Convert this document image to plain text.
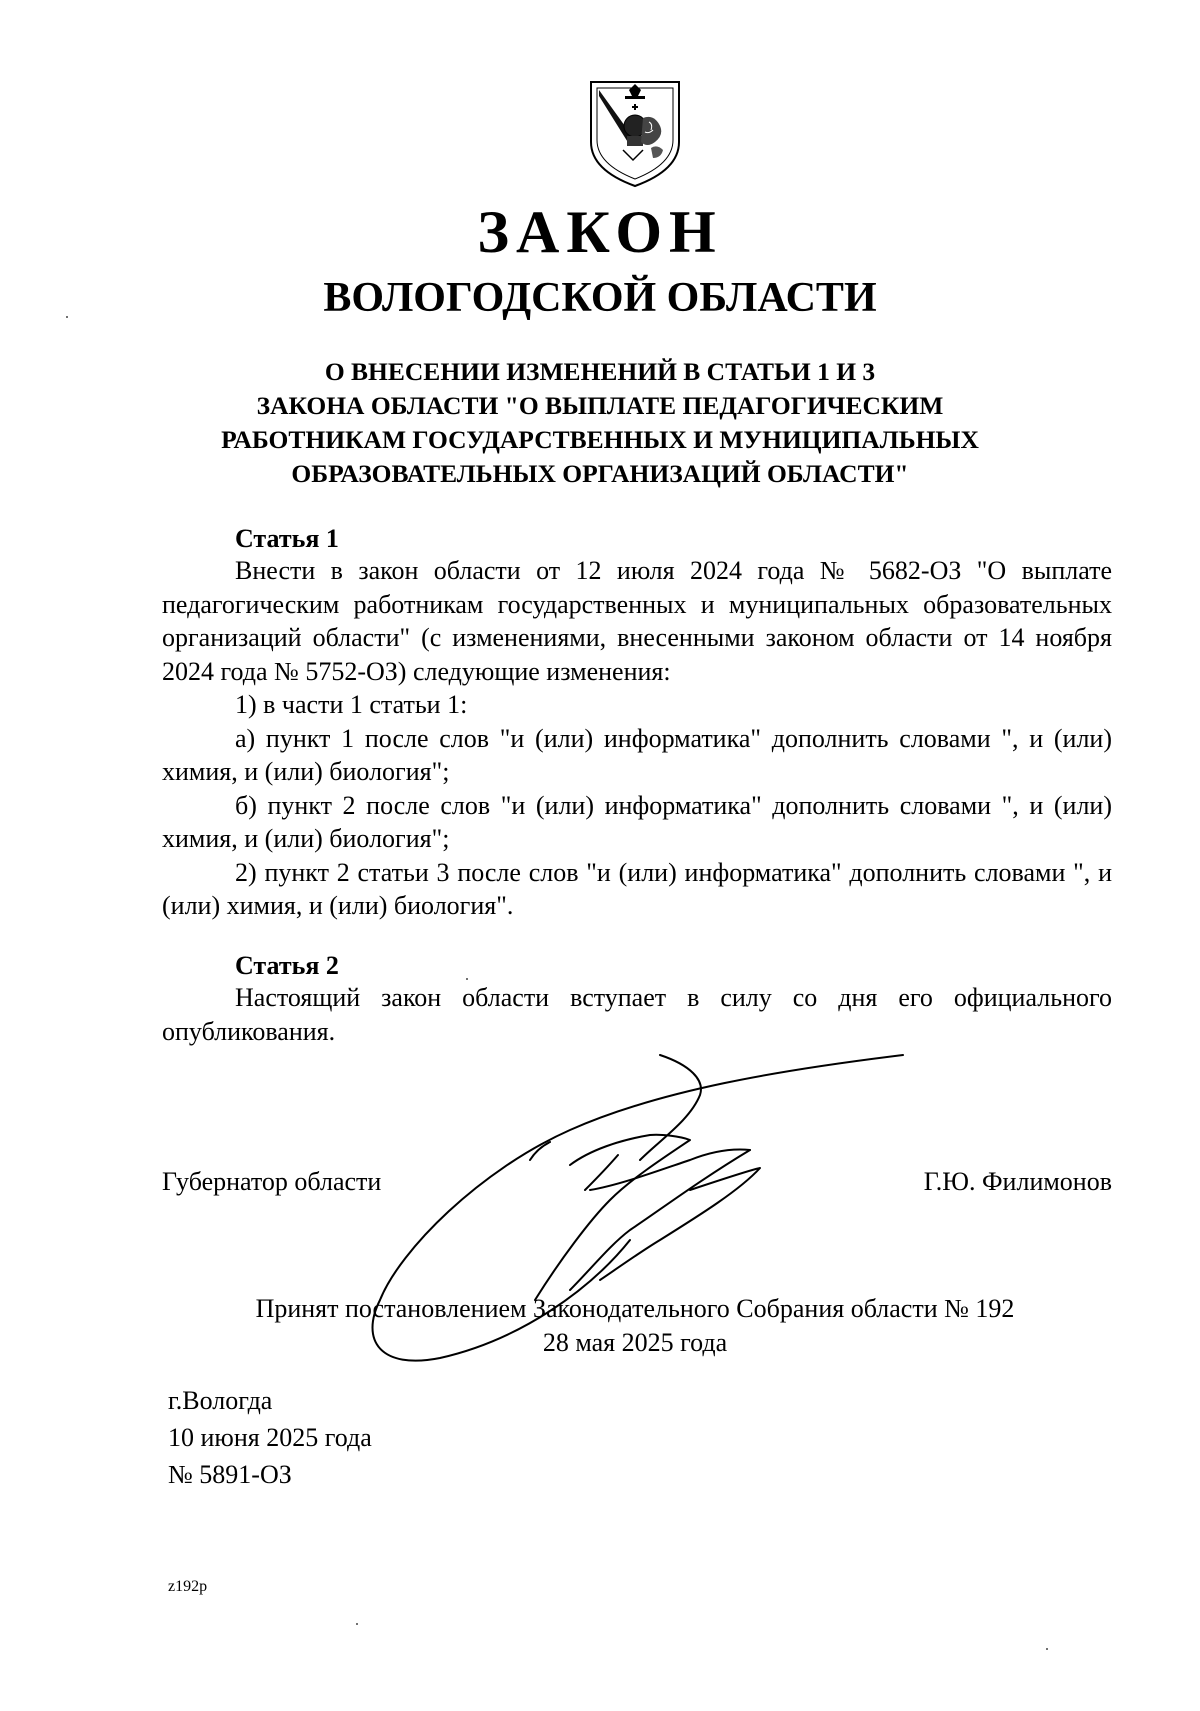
ЗАКОН
ВОЛОГОДСКОЙ ОБЛАСТИ
О ВНЕСЕНИИ ИЗМЕНЕНИЙ В СТАТЬИ 1 И 3
ЗАКОНА ОБЛАСТИ "О ВЫПЛАТЕ ПЕДАГОГИЧЕСКИМ
РАБОТНИКАМ ГОСУДАРСТВЕННЫХ И МУНИЦИПАЛЬНЫХ
ОБРАЗОВАТЕЛЬНЫХ ОРГАНИЗАЦИЙ ОБЛАСТИ"
Статья 1

Внести в закон области от 12 июля 2024 года № 5682-ОЗ "О выплате педагогическим работникам государственных и муниципальных образовательных организаций области" (с изменениями, внесенными законом области от 14 ноября 2024 года № 5752-ОЗ) следующие изменения:

1) в части 1 статьи 1:

а) пункт 1 после слов "и (или) информатика" дополнить словами ", и (или) химия, и (или) биология";

б) пункт 2 после слов "и (или) информатика" дополнить словами ", и (или) химия, и (или) биология";

2) пункт 2 статьи 3 после слов "и (или) информатика" дополнить словами ", и (или) химия, и (или) биология".

Статья 2

Настоящий закон области вступает в силу со дня его официального опубликования.

Губернатор области	Г.Ю. Филимонов
Принят постановлением Законодательного Собрания области № 192
28 мая 2025 года
г.Вологда
10 июня 2025 года
№ 5891-ОЗ
z192p
